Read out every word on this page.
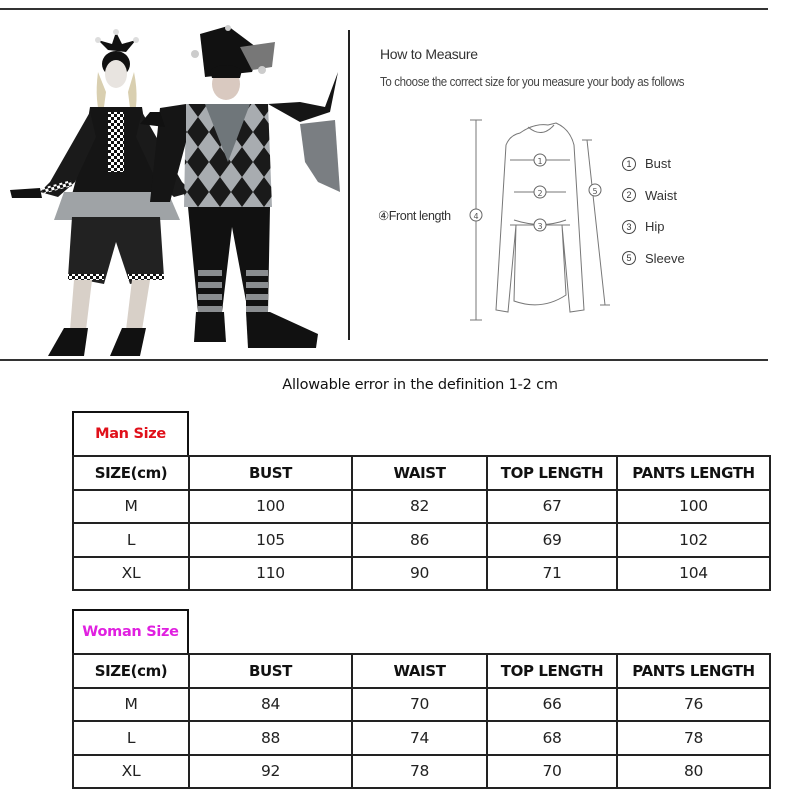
How to Measure
To choose the correct size for you measure your body as follows
④Front length
1
2
3
4
5
1	Bust
2	Waist
3	Hip
5	Sleeve
Allowable error in the definition 1-2 cm
Man Size
SIZE(cm)	BUST	WAIST	TOP LENGTH	PANTS LENGTH
M	100	82	67	100
L	105	86	69	102
XL	110	90	71	104
Woman Size
SIZE(cm)	BUST	WAIST	TOP LENGTH	PANTS LENGTH
M	84	70	66	76
L	88	74	68	78
XL	92	78	70	80
